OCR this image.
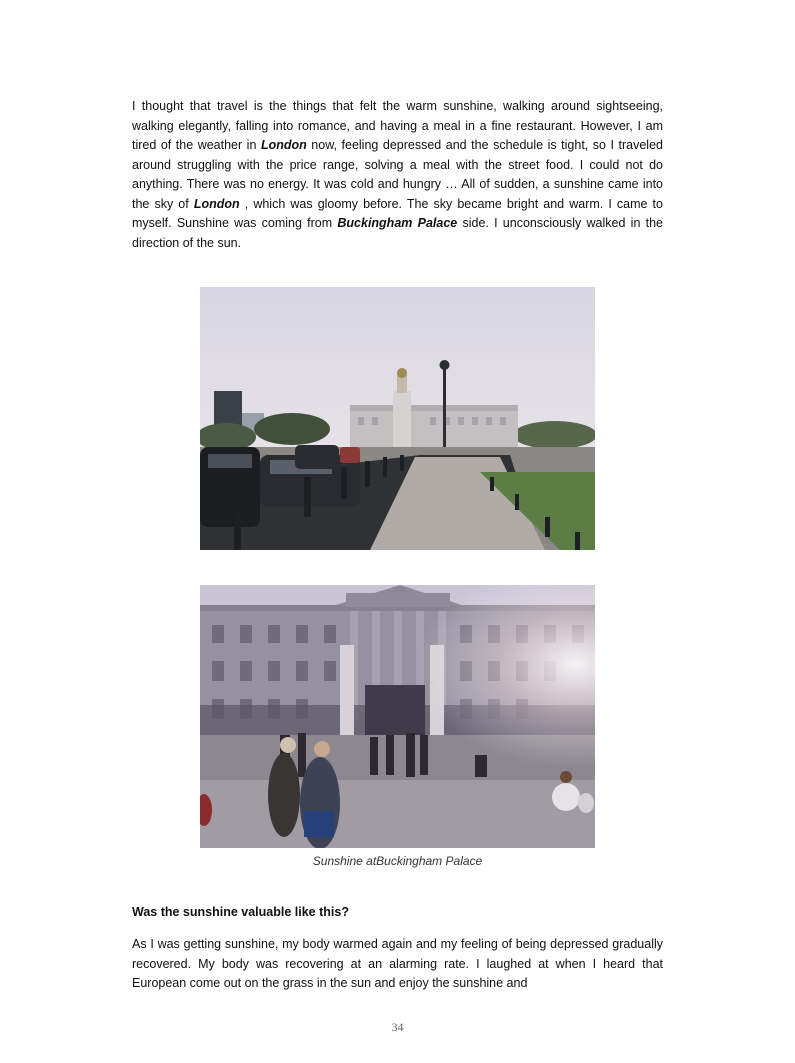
I thought that travel is the things that felt the warm sunshine, walking around sightseeing, walking elegantly, falling into romance, and having a meal in a fine restaurant. However, I am tired of the weather in London now, feeling depressed and the schedule is tight, so I traveled around struggling with the price range, solving a meal with the street food. I could not do anything. There was no energy. It was cold and hungry … All of sudden, a sunshine came into the sky of London , which was gloomy before. The sky became bright and warm. I came to myself. Sunshine was coming from Buckingham Palace side. I unconsciously walked in the direction of the sun.

Sunshine atBuckingham Palace

Was the sunshine valuable like this?

As I was getting sunshine, my body warmed again and my feeling of being depressed gradually recovered. My body was recovering at an alarming rate. I laughed at when I heard that European come out on the grass in the sun and enjoy the sunshine and

34
